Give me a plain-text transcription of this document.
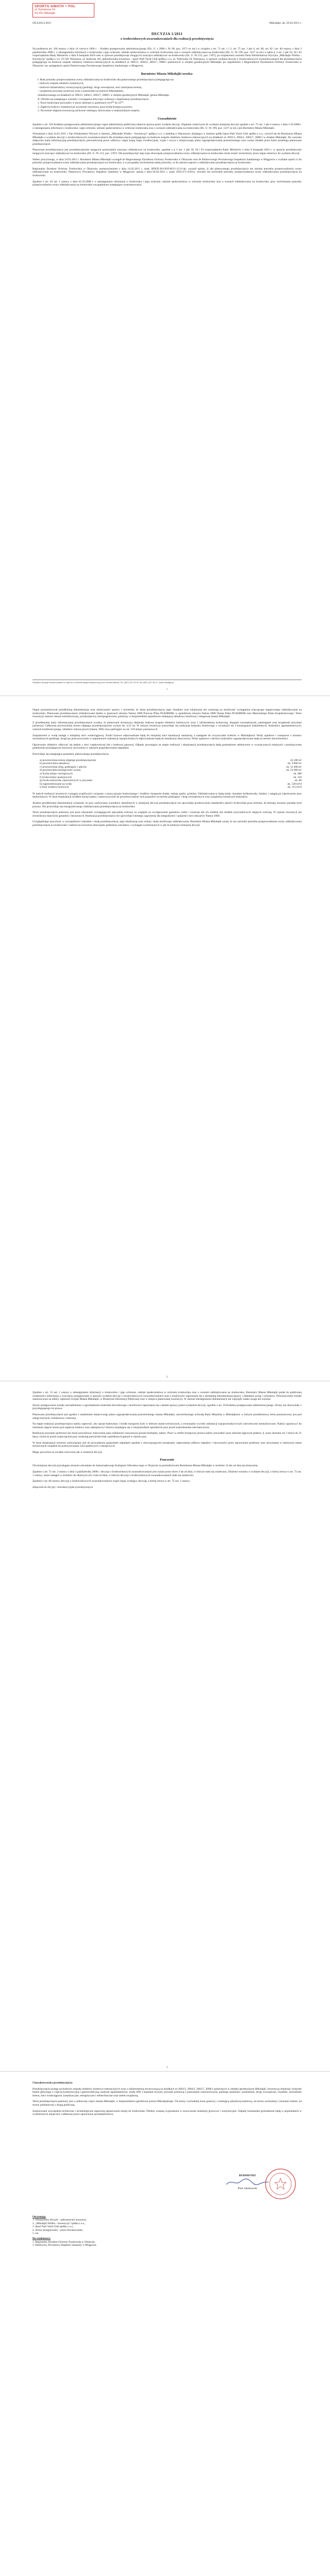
SPORTS SIMATH + POL
ul. Kamienna 14
03-202 Mikołajki
OŚ.6220.3.2011	Mikołajki, dn. 29.03.2011 r.
DECYZJA 1/2011
o środowiskowych uwarunkowaniach dla realizacji przedsięwzięcia

Na podstawie art. 104 ustawy z dnia 14 czerwca 1960 r. – Kodeks postępowania administracyjnego (Dz. U. z 2000 r. Nr 98, poz. 1071 ze zm.) w związku z art. 71 ust. 1 i 2, art. 75 ust. 1 pkt 4, art. 80, art. 82 i art. 84 ustawy z dnia 3 października 2008 r. o udostępnianiu informacji o środowisku i jego ochronie, udziale społeczeństwa w ochronie środowiska oraz o ocenach oddziaływania na środowisko (Dz. U. Nr 199, poz. 1227 ze zm.) a także § 3 ust. 1 pkt 56, 58 i 63 rozporządzenia Rady Ministrów z dnia 9 listopada 2010 roku w sprawie przedsięwzięć mogących znacząco oddziaływać na środowisko (Dz. U. Nr 213, poz. 1397), po rozpatrzeniu wniosku Pana Włodzimierza Wyrzyka „Mikołajki Wielka – Inwestycja” spółka z o.o. 01-581 Warszawa, ul. Kielecka 101, pełnomocnika inwestora – Sport Park Yacht Club spółka z o.o. ul. Wołowska 18, Warszawa, w sprawie wydania decyzji o środowiskowych uwarunkowaniach dla przedsięwzięcia polegającego na budowie zespołu obiektów hotelowo-rekreacyjnych na działkach nr 2003/2, 2004/2, 2003/7, 2008/1 położonych w obrębie geodezyjnym Mikołajki, po uzgodnieniu z Regionalnym Dyrektorem Ochrony Środowiska w Olsztynie i po zasięgnięciu opinii Państwowego Powiatowego Inspektora Sanitarnego w Mrągowie,

Burmistrz Miasta Mikołajki orzeka:
I. Brak potrzeby przeprowadzenia oceny oddziaływania na środowisko dla planowanego przedsięwzięcia polegającego na:
– budowie zespołu obiektów hotelowych,
– budowie infrastruktury towarzyszącej (parkingi, drogi wewnętrzne, sieci uzbrojenia terenu),
– urządzeniu przystani jachtowej wraz z pomostami na jeziorze Mikołajskim,
zlokalizowanego na działkach nr 2003/2, 2004/2, 2003/7, 2008/1 w obrębie geodezyjnym Mikołajki, gmina Mikołajki.
II. Określa się następujące warunki i wymagania dotyczące realizacji i eksploatacji przedsięwzięcia:
1. Prace budowlane prowadzić w porze dziennej w godzinach od 6⁰⁰ do 22⁰⁰.
2. Zaplecze budowy zlokalizować na terenie inwestora, poza strefą brzegową jeziora.
3. Na terenie objętym inwestycją zachować istniejący drzewostan w maksymalnym stopniu.
Uzasadnienie

Zgodnie z art. 104 Kodeksu postępowania administracyjnego organ administracji publicznej załatwia sprawę przez wydanie decyzji. Organem właściwym do wydania niniejszej decyzji zgodnie z art. 75 ust. 1 pkt 4 ustawy z dnia 3.10.2008 r. o udostępnianiu informacji o środowisku i jego ochronie, udziale społeczeństwa w ochronie środowiska oraz o ocenach oddziaływania na środowisko (Dz. U. Nr 199, poz. 1227 ze zm.) jest Burmistrz Miasta Mikołajki.

Wnioskiem z dnia 14.01.2011 r. Pan Włodzimierz Wyrzyk w imieniu „Mikołajki Wielka – Inwestycja” spółka z o.o. z siedzibą w Warszawie, działający w imieniu spółki Sport Park Yacht Club spółka z o.o., zwrócił się do Burmistrza Miasta Mikołajki o wydanie decyzji o środowiskowych uwarunkowaniach dla przedsięwzięcia polegającego na budowie zespołu obiektów hotelowo-rekreacyjnych na działkach nr 2003/2, 2004/2, 2003/7, 2008/1 w obrębie Mikołajki. Do wniosku dołączono kartę informacyjną przedsięwzięcia, poświadczoną przez właściwy organ kopię mapy ewidencyjnej, wypis i wyrys z miejscowego planu zagospodarowania przestrzennego oraz wykaz działek przez które przebiega planowane przedsięwzięcie.

Planowane przedsięwzięcie jest przedsięwzięciem mogącym potencjalnie znacząco oddziaływać na środowisko, zgodnie z § 3 ust. 1 pkt 56, 58 i 63 rozporządzenia Rady Ministrów z dnia 9 listopada 2010 r. w sprawie przedsięwzięć mogących znacząco oddziaływać na środowisko (Dz. U. Nr 213, poz. 1397). Dla przedsięwzięć tego typu obowiązek przeprowadzenia oceny oddziaływania na środowisko może zostać stwierdzony przez organ właściwy do wydania decyzji.

Wobec powyższego, w dniu 24.01.2011 r. Burmistrz Miasta Mikołajki wystąpił do Regionalnego Dyrektora Ochrony Środowiska w Olsztynie oraz do Państwowego Powiatowego Inspektora Sanitarnego w Mrągowie o wydanie opinii co do potrzeby przeprowadzenia oceny oddziaływania przedsięwzięcia na środowisko, a w przypadku stwierdzenia takiej potrzeby, co do zakresu raportu o oddziaływaniu przedsięwzięcia na środowisko.

Regionalny Dyrektor Ochrony Środowiska w Olsztynie, postanowieniem z dnia 14.02.2011 r. znak: RDOŚ-28-OOŚ-6613-12/11/ak, wyraził opinię, iż dla planowanego przedsięwzięcia nie istnieje potrzeba przeprowadzenia oceny oddziaływania na środowisko. Państwowy Powiatowy Inspektor Sanitarny w Mrągowie, opinią z dnia 04.02.2011 r. znak: ZNS.471-4/2011, również nie stwierdził potrzeby przeprowadzenia oceny oddziaływania przedsięwzięcia na środowisko.

Zgodnie z art. 63 ust. 1 ustawy z dnia 03.10.2008 r. o udostępnianiu informacji o środowisku i jego ochronie, udziale społeczeństwa w ochronie środowiska oraz o ocenach oddziaływania na środowisko, przy stwierdzaniu potrzeby przeprowadzenia oceny oddziaływania na środowisko uwzględniono następujące uwarunkowania:

Niniejsza decyzja została wydana w oparciu o dokumentację dostarczoną przez wnioskodawcę. Tel. (087) 421 90 00, fax (087) 421 90 01, www.mikolajki.pl
1

Organ przeanalizował przedłożoną dokumentację oraz okoliczności sprawy i stwierdził, że skala przedsięwzięcia, jego charakter oraz lokalizacja nie wskazują na możliwość wystąpienia znaczącego negatywnego oddziaływania na środowisko. Planowane przedsięwzięcie zlokalizowane będzie w granicach obszaru Natura 2000 Puszcza Piska PLB280008, w sąsiedztwie obszaru Natura 2000 Ostoja Piska PLH280048 oraz Mazurskiego Parku Krajobrazowego. Teren inwestycji stanowi obszar zurbanizowany, przekształcony antropogenicznie, położony w bezpośrednim sąsiedztwie istniejącej zabudowy hotelowej i usługowej miasta Mikołajki.

Z przedłożonej karty informacyjnej przedsięwzięcia wynika, że planowana inwestycja obejmuje budowę zespołu obiektów hotelowych wraz z infrastrukturą techniczną, drogami wewnętrznymi, parkingami oraz urządzenie przystani jachtowej. Całkowita powierzchnia terenu objętego przedsięwzięciem wynosi ok. 4,52 ha. W ramach inwestycji przewiduje się realizację budynku hotelowego o wysokości do 4 kondygnacji nadziemnych, budynków apartamentowych, centrum konferencyjnego, obiektów rekreacyjnych (basen, SPA) oraz parkingów na ok. 310 miejsc postojowych.

Zaopatrzenie w wodę nastąpi z miejskiej sieci wodociągowej. Ścieki bytowe odprowadzane będą do miejskiej sieci kanalizacji sanitarnej, a następnie do oczyszczalni ścieków w Mikołajkach. Wody opadowe i roztopowe z terenów utwardzonych (parkingi, drogi) po podczyszczeniu w separatorach substancji ropopochodnych odprowadzane będą do kanalizacji deszczowej. Wody opadowe z dachów budynków zagospodarowane będą na terenie nieruchomości.

Ogrzewanie obiektów odbywać się będzie z sieci ciepłowniczej lub z kotłowni gazowej. Odpady powstające na etapie realizacji i eksploatacji przedsięwzięcia będą gromadzone selektywnie w wyznaczonych miejscach i przekazywane podmiotom posiadającym stosowne zezwolenia w zakresie gospodarowania odpadami.

Przewiduje się następujące parametry planowanego przedsięwzięcia:

a) powierzchnia terenu objętego przedsięwzięciem	45 200 m²
b) powierzchnia zabudowy	ok. 9 800 m²
c) powierzchnia dróg, parkingów i placów	ok. 12 400 m²
d) powierzchnia biologicznie czynna	ok. 23 000 m²
e) liczba miejsc noclegowych	ok. 480
f) liczba miejsc postojowych	ok. 310
g) liczba stanowisk cumowniczych w przystani	ok. 60
h) zapotrzebowanie na wodę	ok. 120 m³/d
i) ilość ścieków bytowych	ok. 115 m³/d

W trakcie realizacji inwestycji wystąpią uciążliwości związane z pracą sprzętu budowlanego i środków transportu (hałas, emisja spalin, pylenie). Oddziaływania te będą miały charakter krótkotrwały, lokalny i ustąpią po zakończeniu prac budowlanych. W fazie eksploatacji źródłem emisji hałasu i zanieczyszczeń do powietrza będzie ruch pojazdów na terenie parkingów i dróg wewnętrznych oraz urządzenia techniczne budynków.

Analiza przedłożonej dokumentacji wykazała, że przy zachowaniu warunków określonych w niniejszej decyzji przedsięwzięcie nie spowoduje przekroczenia standardów jakości środowiska poza terenem, do którego inwestor posiada tytuł prawny. Nie przewiduje się transgranicznego oddziaływania przedsięwzięcia na środowisko.

Teren przedsięwzięcia położony jest poza obszarami wymagającymi specjalnej ochrony ze względu na występowanie gatunków roślin i zwierząt lub ich siedlisk lub siedlisk przyrodniczych objętych ochroną. W rejonie inwestycji nie stwierdzono stanowisk gatunków chronionych. Realizacja przedsięwzięcia nie spowoduje istotnego zagrożenia dla integralności i spójności sieci obszarów Natura 2000.

Uwzględniając powyższe, w szczególności charakter i skalę przedsięwzięcia, jego lokalizację oraz rodzaj i skalę możliwego oddziaływania, Burmistrz Miasta Mikołajki uznał, że nie zachodzi potrzeba przeprowadzenia oceny oddziaływania przedsięwzięcia na środowisko i nałożył na inwestora obowiązek spełnienia warunków i wymagań wymienionych w pkt II sentencji niniejszej decyzji.

2

Zgodnie z art. 33 ust. 1 ustawy o udostępnianiu informacji o środowisku i jego ochronie, udziale społeczeństwa w ochronie środowiska oraz o ocenach oddziaływania na środowisko, Burmistrz Miasta Mikołajki podał do publicznej wiadomości informację o wszczęciu postępowania w sprawie wydania decyzji o środowiskowych uwarunkowaniach oraz o możliwości zapoznania się z niezbędną dokumentacją sprawy i składania uwag i wniosków. Obwieszczenie zostało zamieszczone na tablicy ogłoszeń Urzędu Miasta Mikołajki, w Biuletynie Informacji Publicznej oraz w miejscu planowanej inwestycji. W okresie udostępnienia dokumentacji nie wpłynęły żadne uwagi ani wnioski.

Strony postępowania zostały zawiadomione o zgromadzeniu materiału dowodowego i możliwości zapoznania się z aktami sprawy przed wydaniem decyzji, zgodnie z art. 10 Kodeksu postępowania administracyjnego. Strony nie skorzystały z przysługującego im prawa.

Planowane przedsięwzięcie jest zgodne z ustaleniami miejscowego planu zagospodarowania przestrzennego miasta Mikołajki, zatwierdzonego uchwałą Rady Miejskiej w Mikołajkach, w którym przedmiotowy teren przeznaczony jest pod usługi turystyki, hotelarstwa i rekreacji.

Na etapie realizacji przedsięwzięcia należy zapewnić, aby sprzęt budowlany i środki transportu były w dobrym stanie technicznym, a ewentualne wycieki substancji ropopochodnych były niezwłocznie neutralizowane. Należy ograniczyć do minimum zajęcie terenu pod zaplecze budowy oraz zabezpieczyć drzewa znajdujące się w bezpośrednim sąsiedztwie prac przed uszkodzeniem mechanicznym.

Realizacja przystani jachtowej nie może powodować zniszczenia pasa roślinności szuwarowej ponad niezbędny zakres. Prace w strefie brzegowej jeziora należy prowadzić poza okresem lęgowym ptaków, tj. poza okresem od 1 marca do 31 lipca, chyba że przed rozpoczęciem prac ornitolog potwierdzi brak zasiedlonych gniazd w rejonie prac.

W fazie eksploatacji inwestor zobowiązany jest do prowadzenia gospodarki odpadami zgodnie z obowiązującymi przepisami, zapewnienia odbioru odpadów i nieczystości przez uprawnione podmioty oraz utrzymania w należytym stanie technicznym urządzeń do podczyszczania wód opadowych i roztopowych.

Mając powyższe na uwadze orzeczono jak w sentencji decyzji.

Pouczenie

Od niniejszej decyzji przysługuje stronom odwołanie do Samorządowego Kolegium Odwoławczego w Olsztynie za pośrednictwem Burmistrza Miasta Mikołajki w terminie 14 dni od dnia jej doręczenia.

Zgodnie z art. 72 ust. 3 ustawy z dnia 3 października 2008 r. decyzja o środowiskowych uwarunkowaniach jest ważna przez okres 4 lat od dnia, w którym stała się ostateczna. Złożenie wniosku o wydanie decyzji, o której mowa w art. 72 ust. 1 ustawy, może nastąpić w terminie nie dłuższym niż 4 lata od dnia, w którym decyzja o środowiskowych uwarunkowaniach stała się ostateczna.

Zgodnie z art. 86 ustawy decyzja o środowiskowych uwarunkowaniach wiąże organ wydający decyzję, o której mowa w art. 72 ust. 1 ustawy.

Załącznik do decyzji: charakterystyka przedsięwzięcia

3

Charakterystyka przedsięwzięcia:

Przedsięwzięcie polega na budowie zespołu obiektów hotelowo-rekreacyjnych wraz z infrastrukturą towarzyszącą na działkach nr 2003/2, 2004/2, 2003/7, 2008/1 położonych w obrębie geodezyjnym Mikołajki. Inwestycja obejmuje: budynek hotelu głównego z częścią konferencyjną i gastronomiczną, budynki apartamentowe, strefę SPA z basenem krytym, przystań jachtową z pomostami cumowniczymi, parkingi naziemne i podziemne, drogi wewnętrzne, chodniki, oświetlenie terenu, sieci wodociągowe, kanalizacyjne, energetyczne i teletechniczne oraz zieleń urządzoną.

Teren przedsięwzięcia położony jest w północnej części miasta Mikołajki, w bezpośrednim sąsiedztwie jeziora Mikołajskiego. Od strony wschodniej teren graniczy z istniejącą zabudową hotelową, od strony zachodniej z terenami zieleni, od strony południowej z drogą publiczną.

Zastosowane rozwiązania techniczne i technologiczne zapewnią ograniczenie emisji do środowiska. Obiekty zostaną wyposażone w nowoczesne instalacje grzewcze i wentylacyjne. Odpady komunalne gromadzone będą w pojemnikach w wydzielonych miejscach i odbierane przez uprawnione przedsiębiorstwo.

BURMISTRZ
Piotr Jakubowski
Otrzymują:
1. Włodzimierz Wyrzyk – pełnomocnik inwestora,
2. „Mikołajki Wielka – Inwestycja” spółka z o.o.,
3. Sport Park Yacht Club spółka z o.o.,
4. Strony postępowania – przez obwieszczenie,
5. a/a.
Do wiadomości:
1. Regionalny Dyrektor Ochrony Środowiska w Olsztynie,
2. Państwowy Powiatowy Inspektor Sanitarny w Mrągowie.
